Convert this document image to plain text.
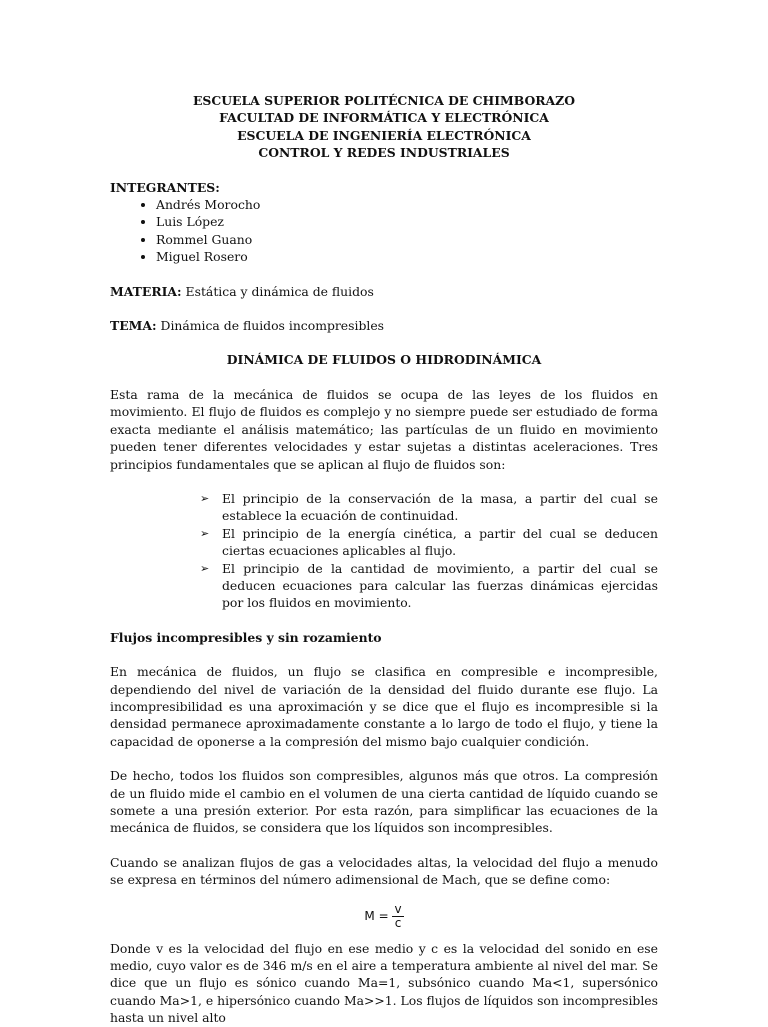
ESCUELA SUPERIOR POLITÉCNICA DE CHIMBORAZO
FACULTAD DE INFORMÁTICA Y ELECTRÓNICA
ESCUELA DE INGENIERÍA ELECTRÓNICA
CONTROL Y REDES INDUSTRIALES
INTEGRANTES:
• Andrés Morocho
• Luis López
• Rommel Guano
• Miguel Rosero

MATERIA: Estática y dinámica de fluidos

TEMA: Dinámica de fluidos incompresibles

DINÁMICA DE FLUIDOS O HIDRODINÁMICA

Esta rama de la mecánica de fluidos se ocupa de las leyes de los fluidos en movimiento. El flujo de fluidos es complejo y no siempre puede ser estudiado de forma exacta mediante el análisis matemático; las partículas de un fluido en movimiento pueden tener diferentes velocidades y estar sujetas a distintas aceleraciones. Tres principios fundamentales que se aplican al flujo de fluidos son:

➢ El principio de la conservación de la masa, a partir del cual se establece la ecuación de continuidad.
➢ El principio de la energía cinética, a partir del cual se deducen ciertas ecuaciones aplicables al flujo.
➢ El principio de la cantidad de movimiento, a partir del cual se deducen ecuaciones para calcular las fuerzas dinámicas ejercidas por los fluidos en movimiento.
Flujos incompresibles y sin rozamiento

En mecánica de fluidos, un flujo se clasifica en compresible e incompresible, dependiendo del nivel de variación de la densidad del fluido durante ese flujo. La incompresibilidad es una aproximación y se dice que el flujo es incompresible si la densidad permanece aproximadamente constante a lo largo de todo el flujo, y tiene la capacidad de oponerse a la compresión del mismo bajo cualquier condición.

De hecho, todos los fluidos son compresibles, algunos más que otros. La compresión de un fluido mide el cambio en el volumen de una cierta cantidad de líquido cuando se somete a una presión exterior. Por esta razón, para simplificar las ecuaciones de la mecánica de fluidos, se considera que los líquidos son incompresibles.

Cuando se analizan flujos de gas a velocidades altas, la velocidad del flujo a menudo se expresa en términos del número adimensional de Mach, que se define como:

$M = \frac{v}{c}$

Donde v es la velocidad del flujo en ese medio y c es la velocidad del sonido en ese medio, cuyo valor es de 346 m/s en el aire a temperatura ambiente al nivel del mar. Se dice que un flujo es sónico cuando Ma=1, subsónico cuando Ma<1, supersónico cuando Ma>1, e hipersónico cuando Ma>>1. Los flujos de líquidos son incompresibles hasta un nivel alto
